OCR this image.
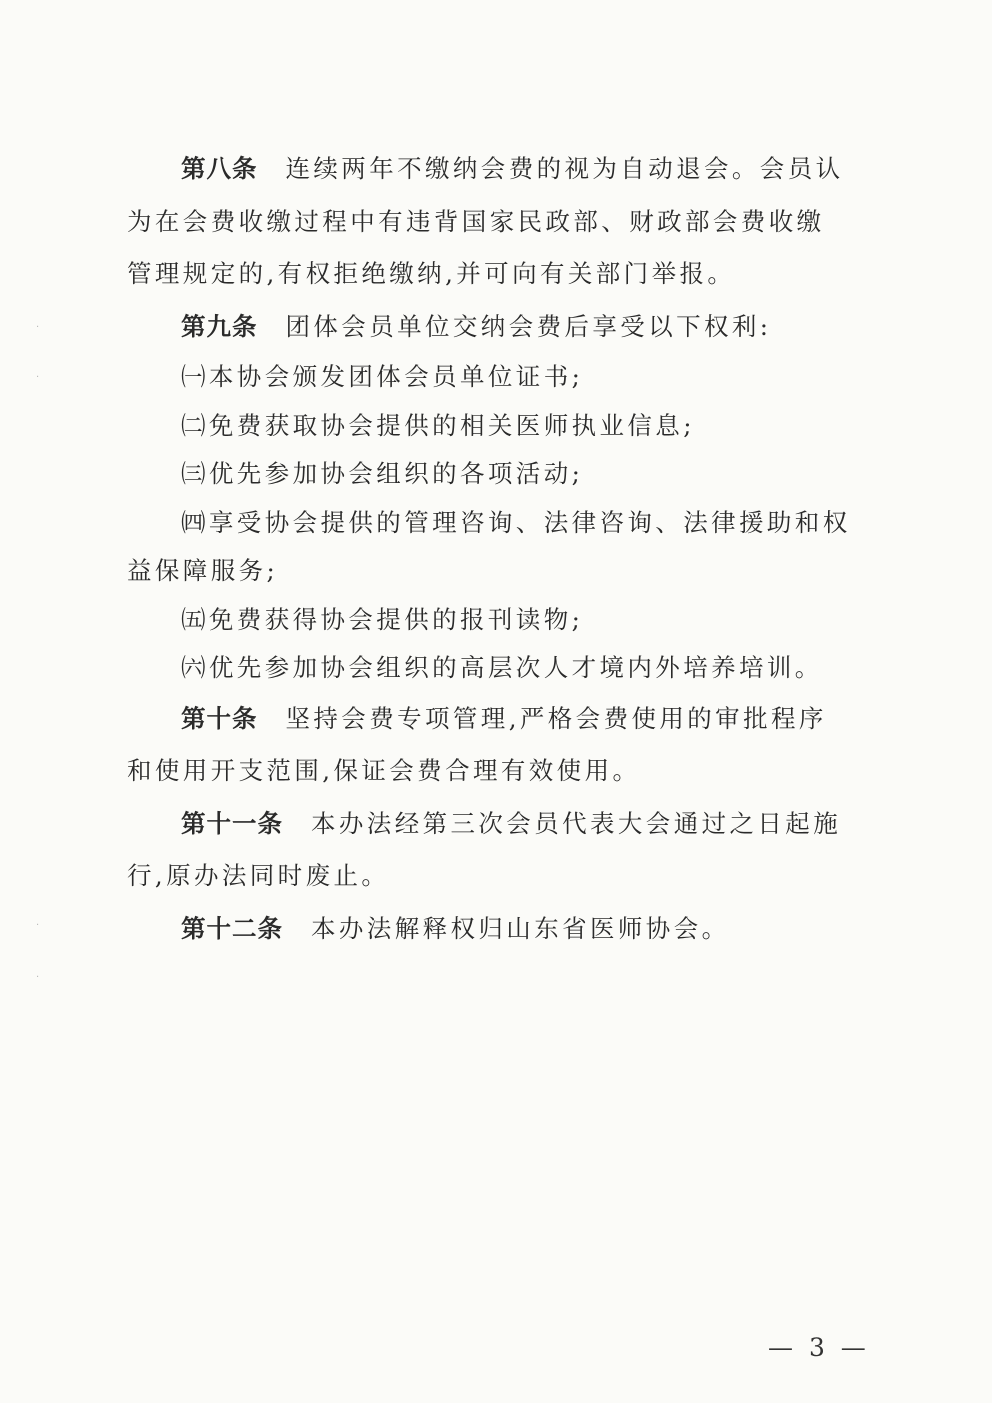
·
·
·
·

第八条 连续两年不缴纳会费的视为自动退会。会员认为在会费收缴过程中有违背国家民政部、财政部会费收缴管理规定的,有权拒绝缴纳,并可向有关部门举报。

第九条 团体会员单位交纳会费后享受以下权利:

㈠本协会颁发团体会员单位证书;

㈡免费获取协会提供的相关医师执业信息;

㈢优先参加协会组织的各项活动;

㈣享受协会提供的管理咨询、法律咨询、法律援助和权益保障服务;

㈤免费获得协会提供的报刊读物;

㈥优先参加协会组织的高层次人才境内外培养培训。

第十条 坚持会费专项管理,严格会费使用的审批程序和使用开支范围,保证会费合理有效使用。

第十一条 本办法经第三次会员代表大会通过之日起施行,原办法同时废止。

第十二条 本办法解释权归山东省医师协会。

— 3 —
